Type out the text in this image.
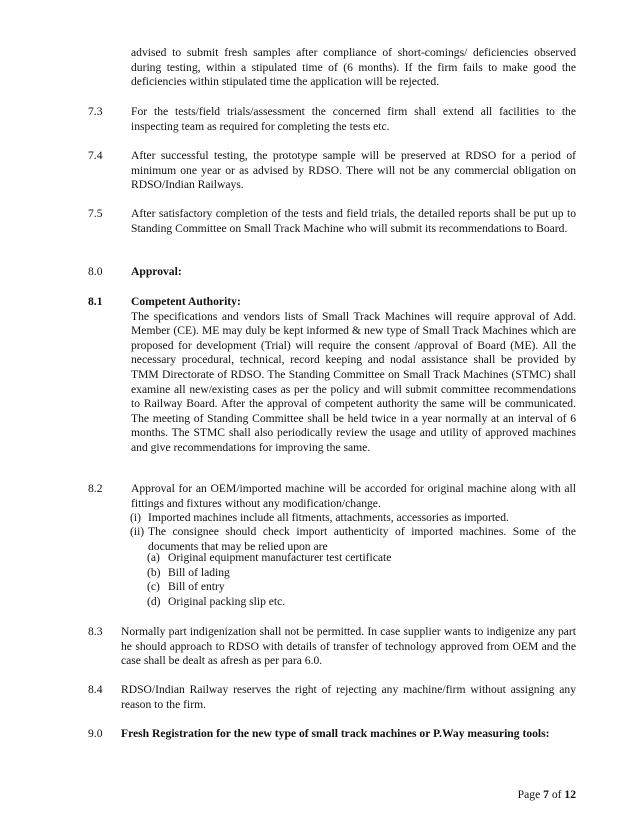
advised to submit fresh samples after compliance of short-comings/ deficiencies observed during testing, within a stipulated time of (6 months). If the firm fails to make good the deficiencies within stipulated time the application will be rejected.

7.3 For the tests/field trials/assessment the concerned firm shall extend all facilities to the inspecting team as required for completing the tests etc.

7.4 After successful testing, the prototype sample will be preserved at RDSO for a period of minimum one year or as advised by RDSO. There will not be any commercial obligation on RDSO/Indian Railways.

7.5 After satisfactory completion of the tests and field trials, the detailed reports shall be put up to Standing Committee on Small Track Machine who will submit its recommendations to Board.

8.0 Approval:

8.1 Competent Authority:

The specifications and vendors lists of Small Track Machines will require approval of Add. Member (CE). ME may duly be kept informed & new type of Small Track Machines which are proposed for development (Trial) will require the consent /approval of Board (ME). All the necessary procedural, technical, record keeping and nodal assistance shall be provided by TMM Directorate of RDSO. The Standing Committee on Small Track Machines (STMC) shall examine all new/existing cases as per the policy and will submit committee recommendations to Railway Board. After the approval of competent authority the same will be communicated. The meeting of Standing Committee shall be held twice in a year normally at an interval of 6 months. The STMC shall also periodically review the usage and utility of approved machines and give recommendations for improving the same.

8.2 Approval for an OEM/imported machine will be accorded for original machine along with all fittings and fixtures without any modification/change.

(i) Imported machines include all fitments, attachments, accessories as imported.

(ii) The consignee should check import authenticity of imported machines. Some of the documents that may be relied upon are

(a) Original equipment manufacturer test certificate

(b) Bill of lading

(c) Bill of entry

(d) Original packing slip etc.

8.3 Normally part indigenization shall not be permitted. In case supplier wants to indigenize any part he should approach to RDSO with details of transfer of technology approved from OEM and the case shall be dealt as afresh as per para 6.0.

8.4 RDSO/Indian Railway reserves the right of rejecting any machine/firm without assigning any reason to the firm.

9.0 Fresh Registration for the new type of small track machines or P.Way measuring tools:

Page 7 of 12
